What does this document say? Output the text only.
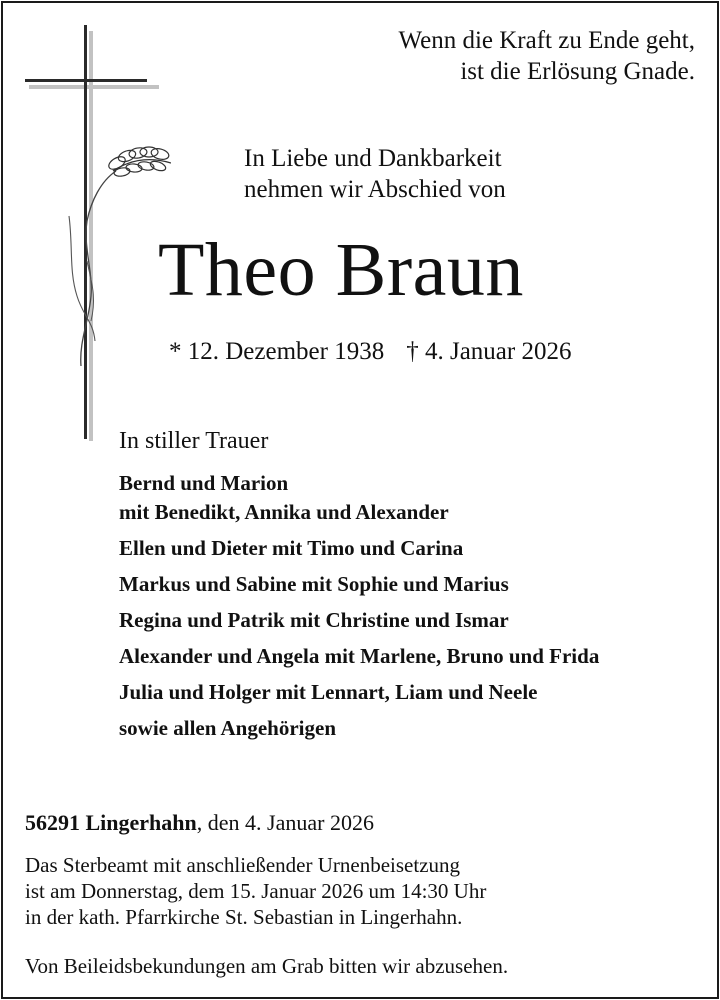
Wenn die Kraft zu Ende geht,
ist die Erlösung Gnade.
In Liebe und Dankbarkeit
nehmen wir Abschied von
Theo Braun
* 12. Dezember 1938 † 4. Januar 2026
In stiller Trauer
Bernd und Marion
mit Benedikt, Annika und Alexander
Ellen und Dieter mit Timo und Carina
Markus und Sabine mit Sophie und Marius
Regina und Patrik mit Christine und Ismar
Alexander und Angela mit Marlene, Bruno und Frida
Julia und Holger mit Lennart, Liam und Neele
sowie allen Angehörigen
56291 Lingerhahn, den 4. Januar 2026
Das Sterbeamt mit anschließender Urnenbeisetzung
ist am Donnerstag, dem 15. Januar 2026 um 14:30 Uhr
in der kath. Pfarrkirche St. Sebastian in Lingerhahn.
Von Beileidsbekundungen am Grab bitten wir abzusehen.
